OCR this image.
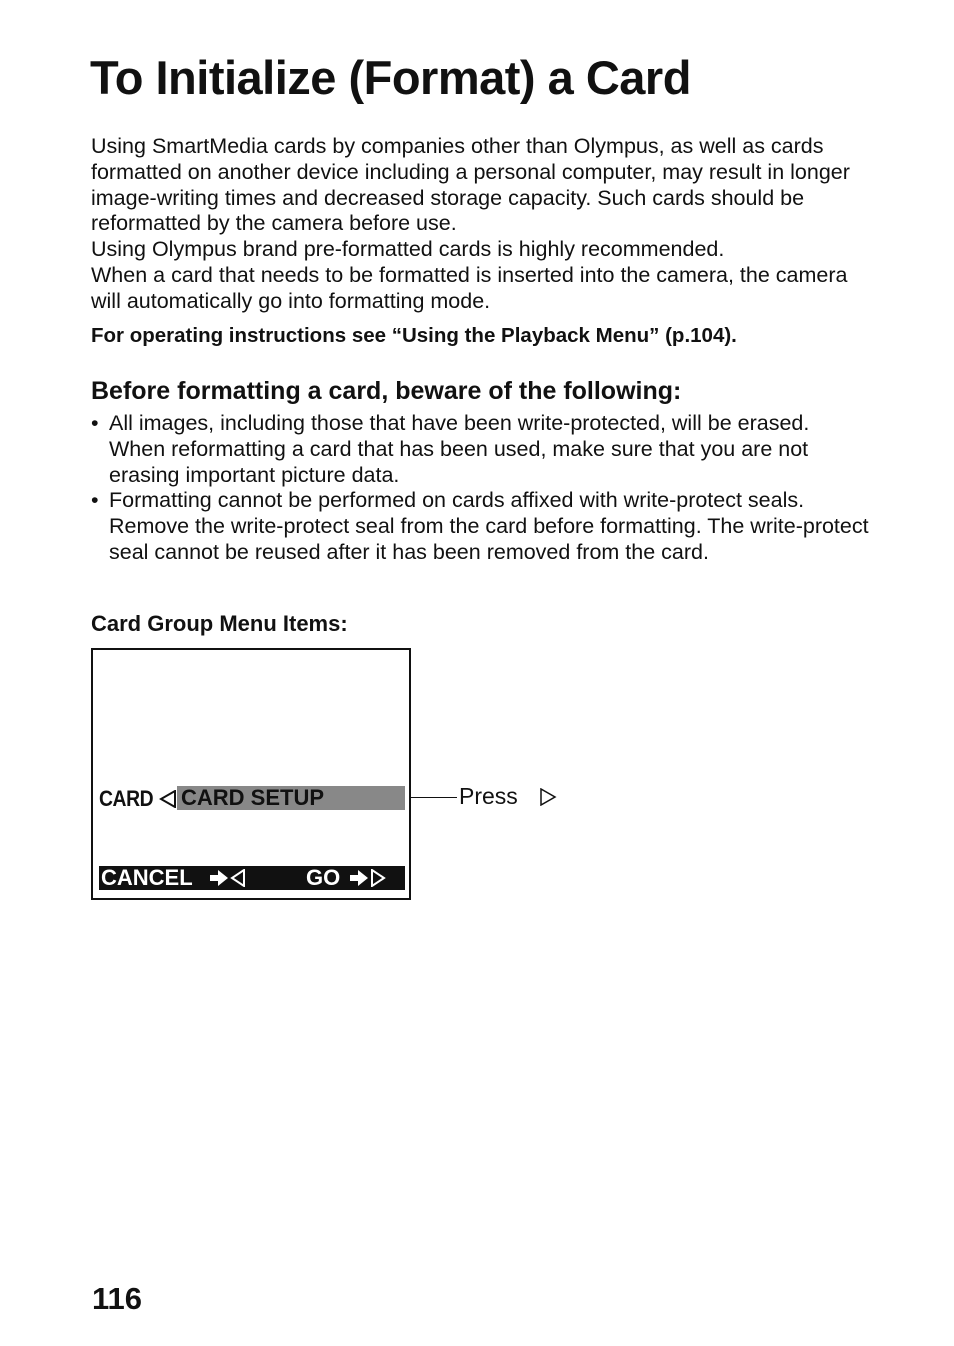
To Initialize (Format) a Card

Using SmartMedia cards by companies other than Olympus, as well as cards formatted on another device including a personal computer, may result in longer image-writing times and decreased storage capacity. Such cards should be reformatted by the camera before use.

Using Olympus brand pre-formatted cards is highly recommended.

When a card that needs to be formatted is inserted into the camera, the camera will automatically go into formatting mode.

For operating instructions see “Using the Playback Menu” (p.104).
Before formatting a card, beware of the following:
• All images, including those that have been write-protected, will be erased. When reformatting a card that has been used, make sure that you are not erasing important picture data.
• Formatting cannot be performed on cards affixed with write-protect seals. Remove the write-protect seal from the card before formatting. The write-protect seal cannot be reused after it has been removed from the card.
Card Group Menu Items:
CARD CARD SETUP
CANCEL	GO
Press
116
